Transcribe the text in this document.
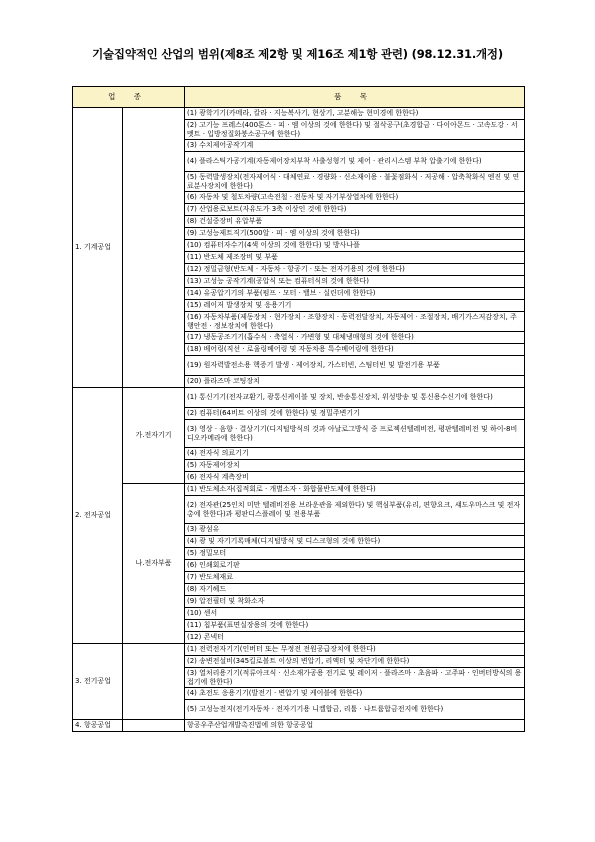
기술집약적인 산업의 범위(제8조 제2항 및 제16조 제1항 관련) (98.12.31.개정)
업 종		품 목
1. 기계공업		(1) 광학기기(카메라, 칼라 · 지능복사기, 현상기, 고분해능 현미경에 한한다)

		(2) 고기능 프레스(400톤스 · 피 · 엠 이상의 것에 한한다) 및 절삭공구(초경합금 · 다이아몬드 · 고속도강 · 서멧트 · 입방정질화붕소공구에 한한다)

		(3) 수치제어공작기계

		(4) 플라스틱가공기계(자동제어장치부착 사출성형기 및 제어 · 관리시스템 부착 압출기에 한한다)

		(5) 동력발생장치(전자제어식 · 대체연료 · 경량화 · 신소재이용 · 불꽃점화식 · 저공해 · 압축착화식 엔진 및 연료분사장치에 한한다)

		(6) 자동차 및 철도차량(고속전철 · 전동차 및 자기부상열차에 한한다)

		(7) 산업용로보트(자유도가 3축 이상인 것에 한한다)

		(8) 건설중장비 유압부품

		(9) 고성능제트직기(500알 · 피 · 엠 이상의 것에 한한다)

		(10) 컴퓨터자수기(4색 이상의 것에 한한다) 및 방사나플

		(11) 반도체 제조장비 및 부품

		(12) 정밀금형(반도체 · 자동차 · 항공기 · 또는 전자기용의 것에 한한다)

		(13) 고성능 공작기계(공압식 또는 컴퓨터식의 것에 한한다)

		(14) 유공압기기의 부품(펌프 · 모터 · 밸브 · 실린더에 한한다)

		(15) 레이저 발생장치 및 응용기기

		(16) 자동차부품(제동장치 · 현가장치 · 조향장치 · 동력전달장치, 자동제어 · 조절장치, 배기가스저감장치, 주행안전 · 정보장치에 한한다)

		(17) 냉동공조기기(흡수식 · 축열식 · 가변형 및 대체냉매형의 것에 한한다)

		(18) 베어링(직선 · 로울링베어링 및 자동차용 특수베어링에 한한다)

		(19) 원자력발전소용 핵증기 발생 · 제어장치, 가스터빈, 스팀터빈 및 발전기용 부품

		(20) 플라즈마 코팅장치

2. 전자공업	가.전자기기	(1) 통신기기(전자교환기, 광통신케이블 및 장치, 반송통신장치, 위성방송 및 통신용수신기에 한한다)

		(2) 컴퓨터(64비트 이상의 것에 한한다) 및 정밀주변기기

		(3) 영상 · 음향 · 결상기기(디지털방식의 것과 아날로그방식 중 프로젝션텔레비전, 평판텔레비전 및 하이-8비디오카메라에 한한다)

		(4) 전자식 의료기기

		(5) 자동제어장치

		(6) 전자식 계측장비

	나.전자부품	(1) 반도체소자(집적회로 · 개별소자 · 화합물반도체에 한한다)

		(2) 전자관(25인치 미만 텔레비전용 브라운관을 제외한다) 및 핵심부품(유리, 편향요크, 섀도우마스크 및 전자총에 한한다)과 평판디스플레이 및 전용부품

		(3) 광섬유

		(4) 광 및 자기기록매체(디지털방식 및 디스크형의 것에 한한다)

		(5) 정밀모터

		(6) 인쇄회로기판

		(7) 반도체재료

		(8) 자기헤드

		(9) 압전필터 및 착화소자

		(10) 센서

		(11) 칩부품(표면실장용의 것에 한한다)

		(12) 콘넥터

3. 전기공업		(1) 전력전자기기(인버터 또는 무정전 전원공급장치에 한한다)

		(2) 송변전설비(345킬로볼트 이상의 변압기, 리액터 및 차단기에 한한다)

		(3) 열처리용기기(적류아크식 · 신소재가공용 전기로 및 레이저 · 플라즈마 · 초음파 · 고주파 · 인버터방식의 용접기에 한한다)

		(4) 초전도 응용기기(발전기 · 변압기 및 케이블에 한한다)

		(5) 고성능전지(전기자동차 · 전자기기용 니켈합금, 리튬 · 나트륨합금전지에 한한다)

4. 항공공업		항공우주산업개발촉진법에 의한 항공공업
